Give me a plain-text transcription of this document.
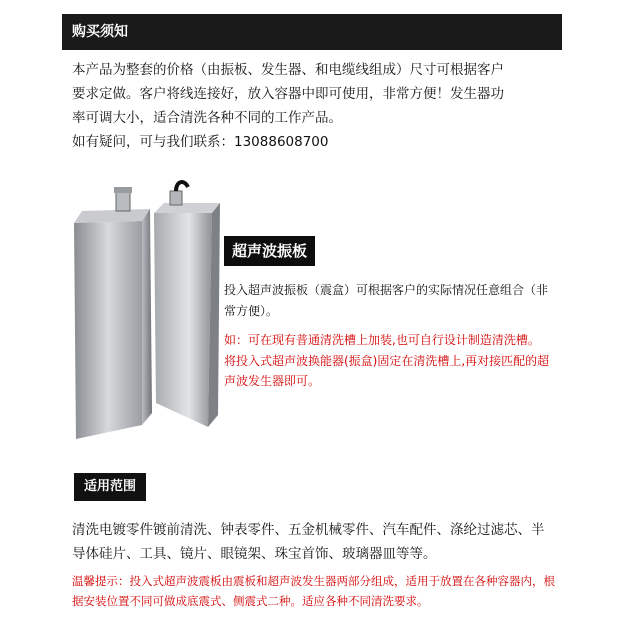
购买须知

本产品为整套的价格（由振板、发生器、和电缆线组成）尺寸可根据客户

要求定做。客户将线连接好，放入容器中即可使用，非常方便！发生器功

率可调大小，适合清洗各种不同的工作产品。

如有疑问，可与我们联系：13088608700

超声波振板
投入超声波振板（震盒）可根据客户的实际情况任意组合（非常方便）。
如：可在现有普通清洗槽上加装,也可自行设计制造清洗槽。 将投入式超声波换能器(振盒)固定在清洗槽上,再对接匹配的超声波发生器即可。
适用范围
清洗电镀零件镀前清洗、钟表零件、五金机械零件、汽车配件、涤纶过滤芯、半导体硅片、工具、镜片、眼镜架、珠宝首饰、玻璃器皿等等。
温馨提示：投入式超声波震板由震板和超声波发生器两部分组成，适用于放置在各种容器内，根据安装位置不同可做成底震式、侧震式二种。适应各种不同清洗要求。
